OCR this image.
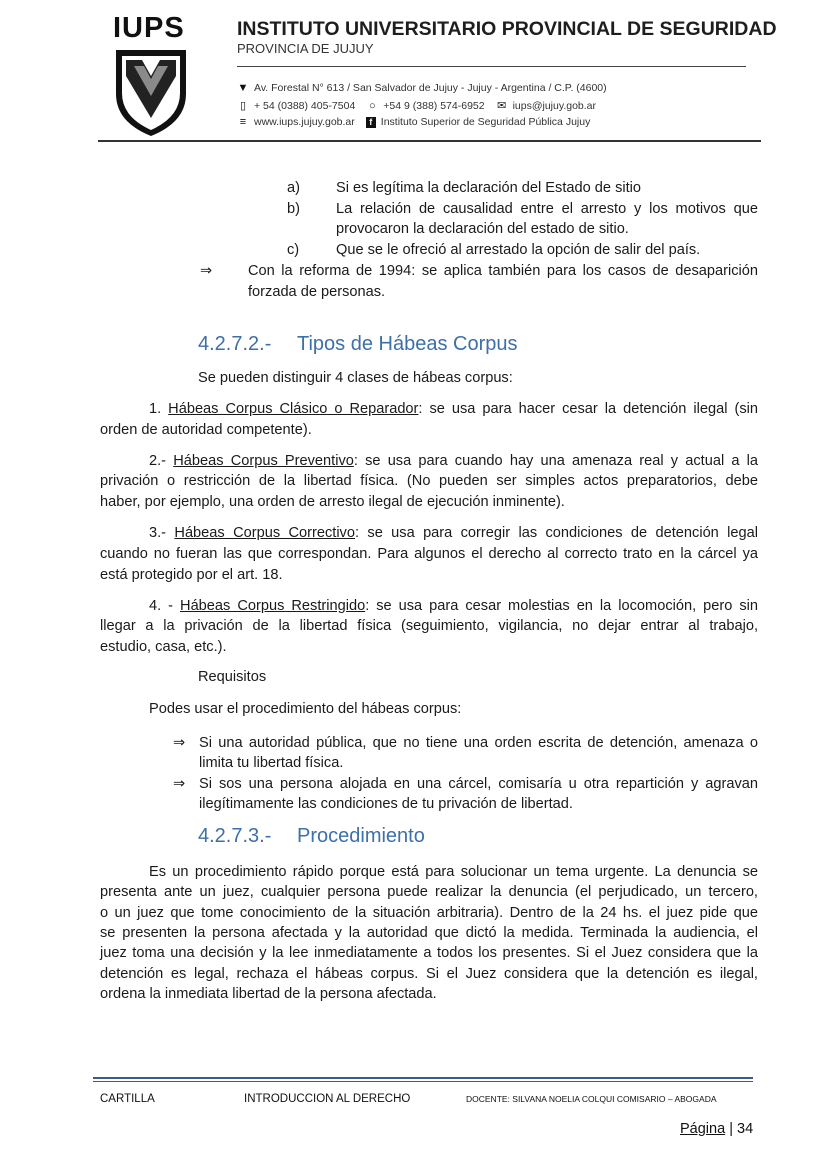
IUPS	INSTITUTO UNIVERSITARIO PROVINCIAL DE SEGURIDAD
PROVINCIA DE JUJUY
▼ Av. Forestal N° 613 / San Salvador de Jujuy - Jujuy - Argentina / C.P. (4600)
▯ + 54 (0388) 405-7504 ○ +54 9 (388) 574-6952 ✉ iups@jujuy.gob.ar
≡ www.iups.jujuy.gob.ar	f Instituto Superior de Seguridad Pública Jujuy
a) Si es legítima la declaración del Estado de sitio
b) La relación de causalidad entre el arresto y los motivos que
provocaron la declaración del estado de sitio.
c)	Que se le ofreció al arrestado la opción de salir del país.
⇒ Con la reforma de 1994: se aplica también para los casos de desaparición
forzada de personas.
4.2.7.2.- Tipos de Hábeas Corpus
Se pueden distinguir 4 clases de hábeas corpus:
1. Hábeas Corpus Clásico o Reparador: se usa para hacer cesar la detención ilegal (sin
orden de autoridad competente).
2.- Hábeas Corpus Preventivo: se usa para cuando hay una amenaza real y actual a la
privación o restricción de la libertad física. (No pueden ser simples actos preparatorios, debe
haber, por ejemplo, una orden de arresto ilegal de ejecución inminente).
3.- Hábeas Corpus Correctivo: se usa para corregir las condiciones de detención legal
cuando no fueran las que correspondan. Para algunos el derecho al correcto trato en la cárcel ya
está protegido por el art. 18.
4. - Hábeas Corpus Restringido: se usa para cesar molestias en la locomoción, pero sin
llegar a la privación de la libertad física (seguimiento, vigilancia, no dejar entrar al trabajo,
estudio, casa, etc.).
Requisitos
Podes usar el procedimiento del hábeas corpus:
⇒ Si una autoridad pública, que no tiene una orden escrita de detención, amenaza o
limita tu libertad física.
⇒ Si sos una persona alojada en una cárcel, comisaría u otra repartición y agravan
ilegítimamente las condiciones de tu privación de libertad.
4.2.7.3.- Procedimiento
Es un procedimiento rápido porque está para solucionar un tema urgente. La denuncia se
presenta ante un juez, cualquier persona puede realizar la denuncia (el perjudicado, un tercero,
o un juez que tome conocimiento de la situación arbitraria). Dentro de la 24 hs. el juez pide que
se presenten la persona afectada y la autoridad que dictó la medida. Terminada la audiencia, el
juez toma una decisión y la lee inmediatamente a todos los presentes. Si el Juez considera que la
detención es legal, rechaza el hábeas corpus. Si el Juez considera que la detención es ilegal,
ordena la inmediata libertad de la persona afectada.
CARTILLA	INTRODUCCION AL DERECHO	DOCENTE: SILVANA NOELIA COLQUI COMISARIO – ABOGADA
Página | 34
